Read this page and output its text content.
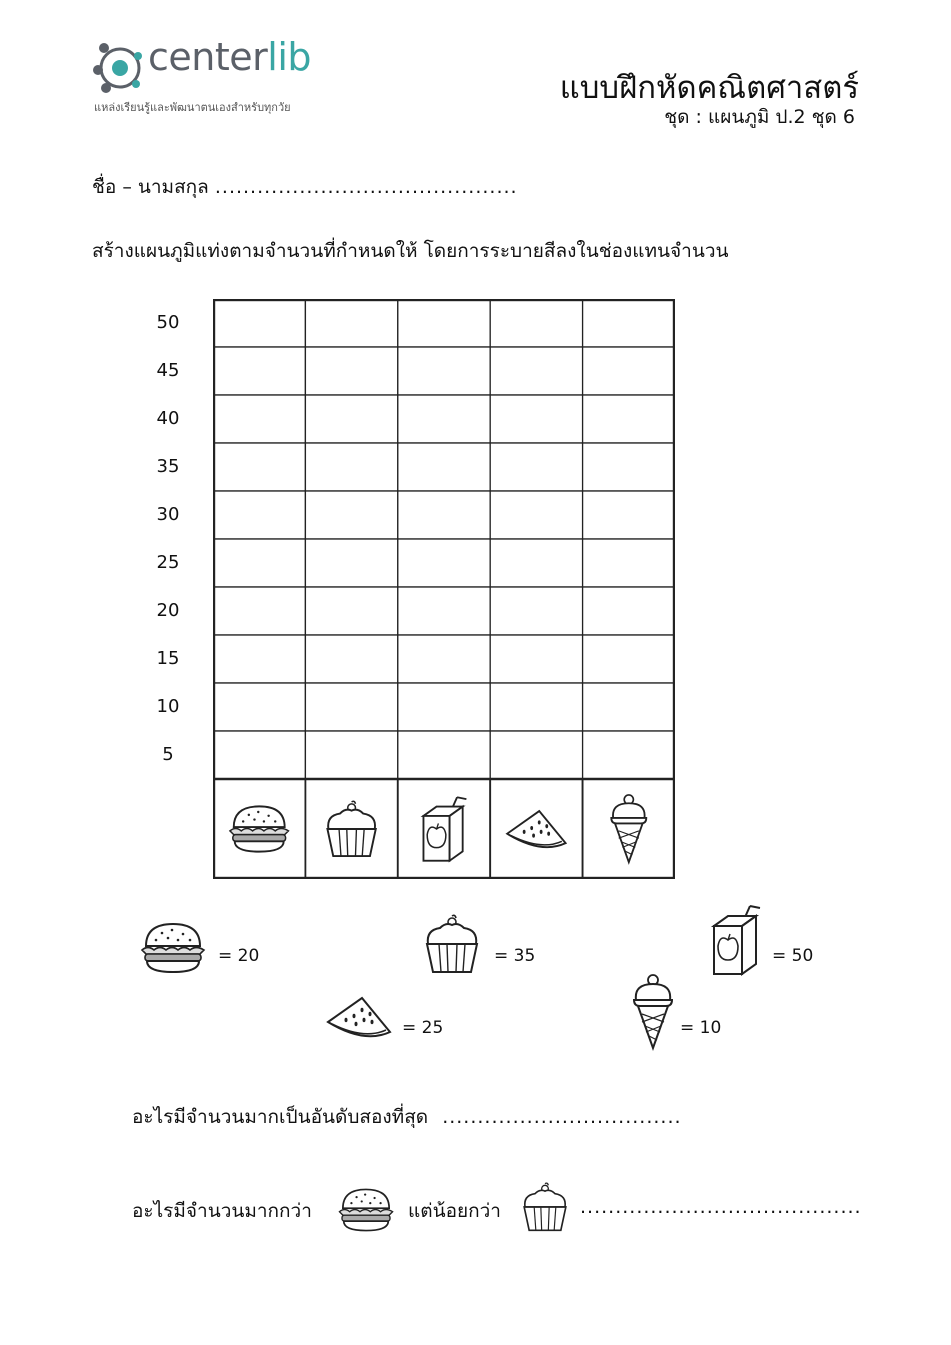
centerlib
แหล่งเรียนรู้และพัฒนาตนเองสำหรับทุกวัย
แบบฝึกหัดคณิตศาสตร์
ชุด : แผนภูมิ ป.2 ชุด 6
ชื่อ – นามสกุล ...........................................
สร้างแผนภูมิแท่งตามจำนวนที่กำหนดให้ โดยการระบายสีลงในช่องแทนจำนวน
50
45
40
35
30
25
20
15
10
5
= 20	= 35	= 50
= 25	= 10
อะไรมีจำนวนมากเป็นอันดับสองที่สุด ..................................
อะไรมีจำนวนมากกว่า	แต่น้อยกว่า	........................................
